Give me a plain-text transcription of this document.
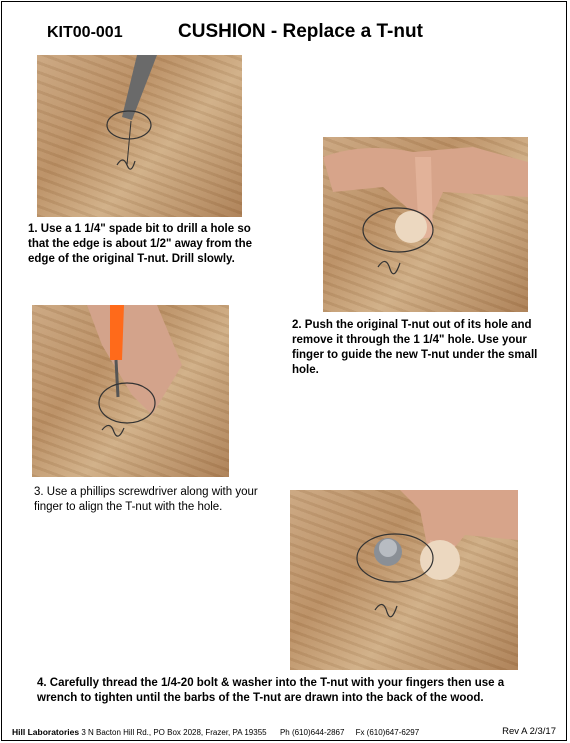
KIT00-001	CUSHION - Replace a T-nut
1. Use a 1 1/4" spade bit to drill a hole so that the edge is about 1/2" away from the edge of the original T-nut. Drill slowly.
2. Push the original T-nut out of its hole and remove it through the 1 1/4" hole. Use your finger to guide the new T-nut under the small hole.
3. Use a phillips screwdriver along with your finger to align the T-nut with the hole.
4. Carefully thread the 1/4-20 bolt & washer into the T-nut with your fingers then use a wrench to tighten until the barbs of the T-nut are drawn into the back of the wood.
Hill Laboratories 3 N Bacton Hill Rd., PO Box 2028, Frazer, PA 19355 Ph (610)644-2867 Fx (610)647-6297	Rev A 2/3/17
